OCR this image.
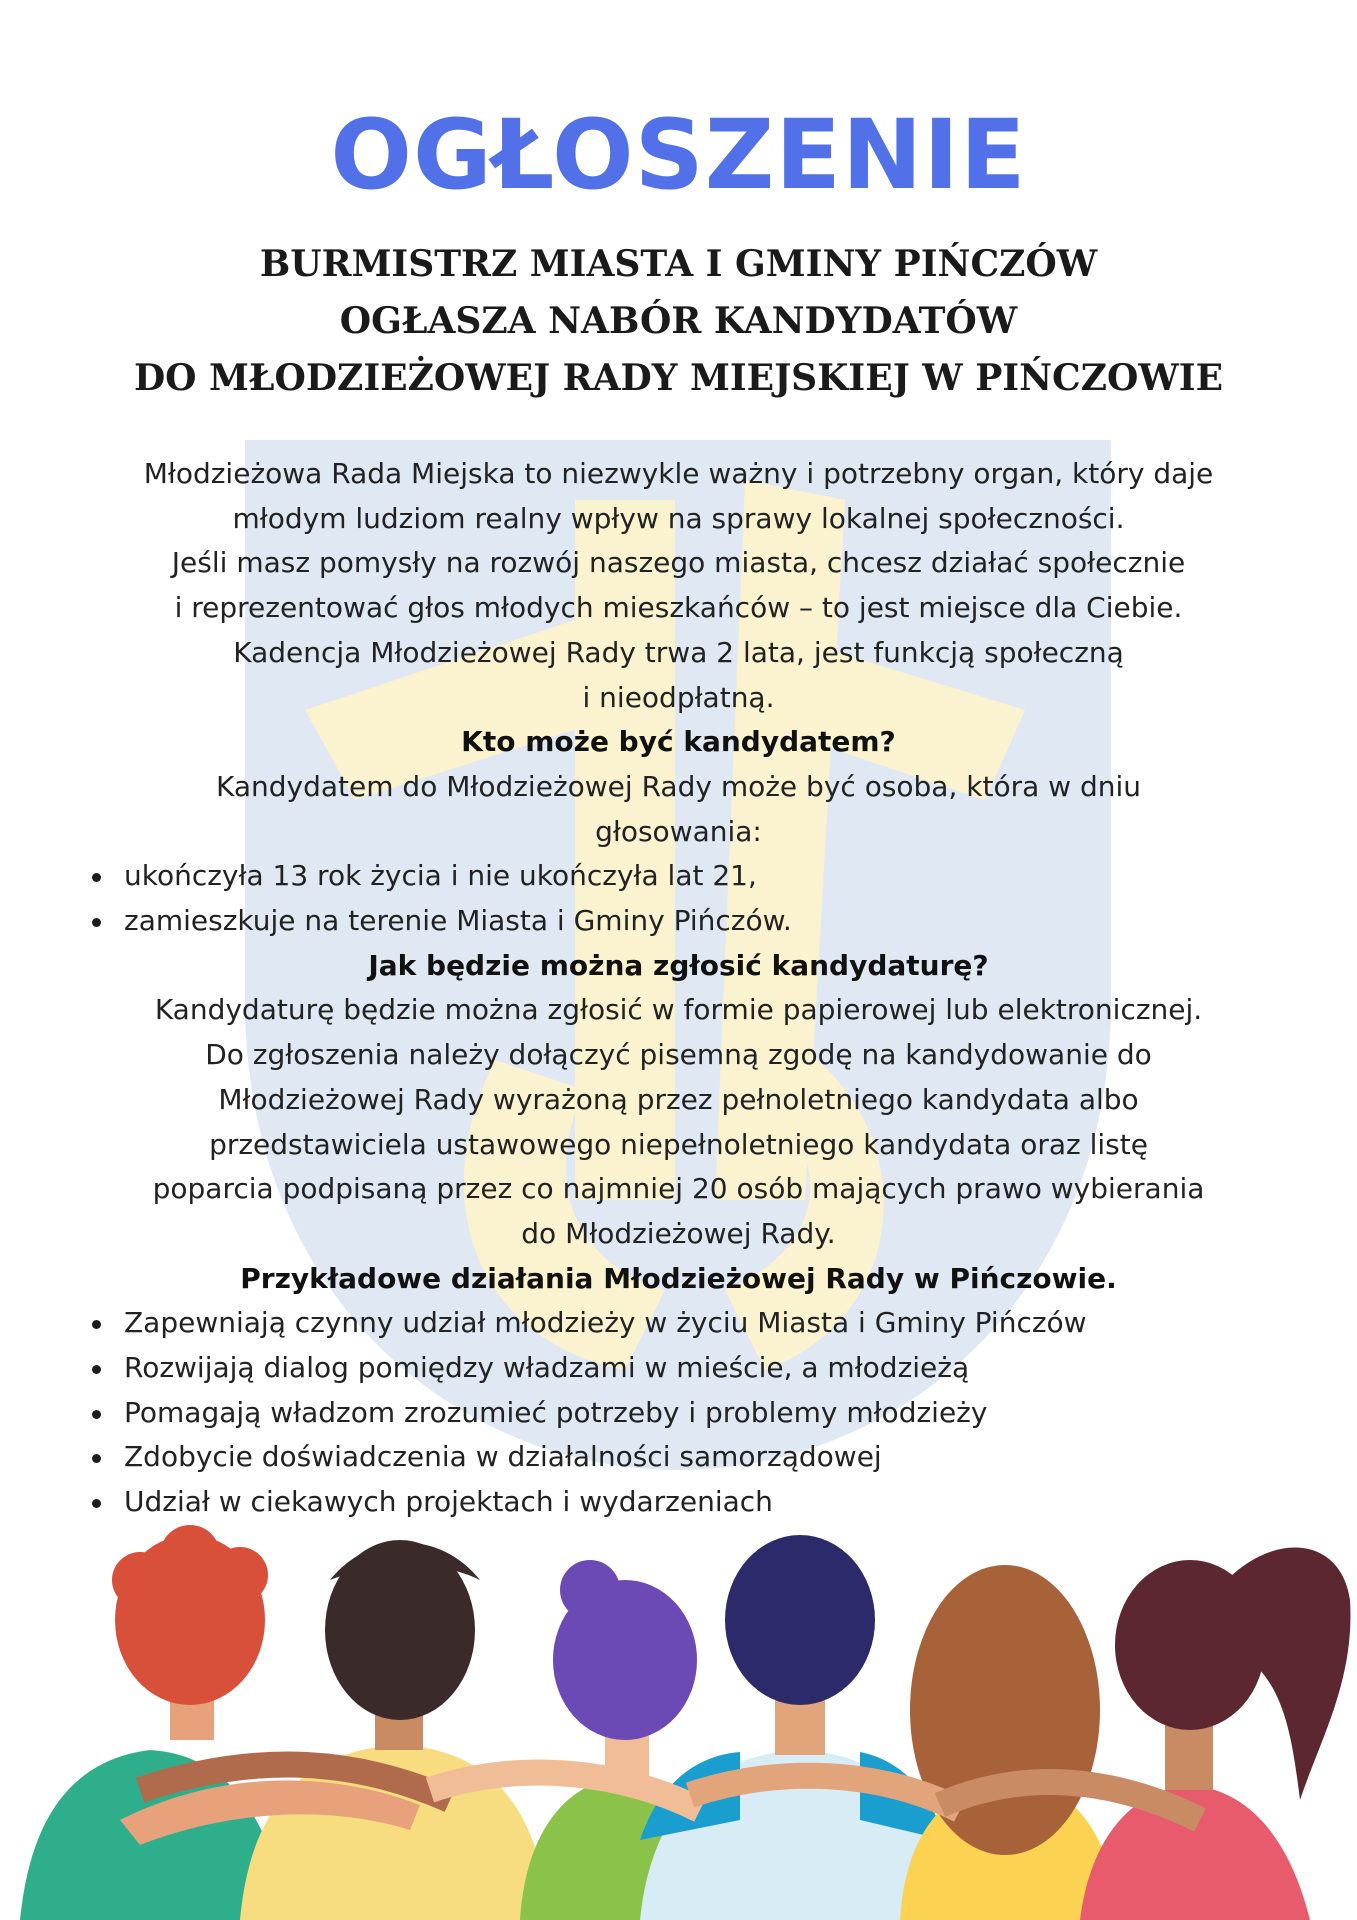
OGŁOSZENIE
BURMISTRZ MIASTA I GMINY PIŃCZÓW
OGŁASZA NABÓR KANDYDATÓW
DO MŁODZIEŻOWEJ RADY MIEJSKIEJ W PIŃCZOWIE

Młodzieżowa Rada Miejska to niezwykle ważny i potrzebny organ, który daje
młodym ludziom realny wpływ na sprawy lokalnej społeczności.
Jeśli masz pomysły na rozwój naszego miasta, chcesz działać społecznie
i reprezentować głos młodych mieszkańców – to jest miejsce dla Ciebie.
Kadencja Młodzieżowej Rady trwa 2 lata, jest funkcją społeczną
i nieodpłatną.

Kto może być kandydatem?

Kandydatem do Młodzieżowej Rady może być osoba, która w dniu
głosowania:

ukończyła 13 rok życia i nie ukończyła lat 21,
zamieszkuje na terenie Miasta i Gminy Pińczów.

Jak będzie można zgłosić kandydaturę?

Kandydaturę będzie można zgłosić w formie papierowej lub elektronicznej.
Do zgłoszenia należy dołączyć pisemną zgodę na kandydowanie do
Młodzieżowej Rady wyrażoną przez pełnoletniego kandydata albo
przedstawiciela ustawowego niepełnoletniego kandydata oraz listę
poparcia podpisaną przez co najmniej 20 osób mających prawo wybierania
do Młodzieżowej Rady.

Przykładowe działania Młodzieżowej Rady w Pińczowie.

Zapewniają czynny udział młodzieży w życiu Miasta i Gminy Pińczów
Rozwijają dialog pomiędzy władzami w mieście, a młodzieżą
Pomagają władzom zrozumieć potrzeby i problemy młodzieży
Zdobycie doświadczenia w działalności samorządowej
Udział w ciekawych projektach i wydarzeniach
